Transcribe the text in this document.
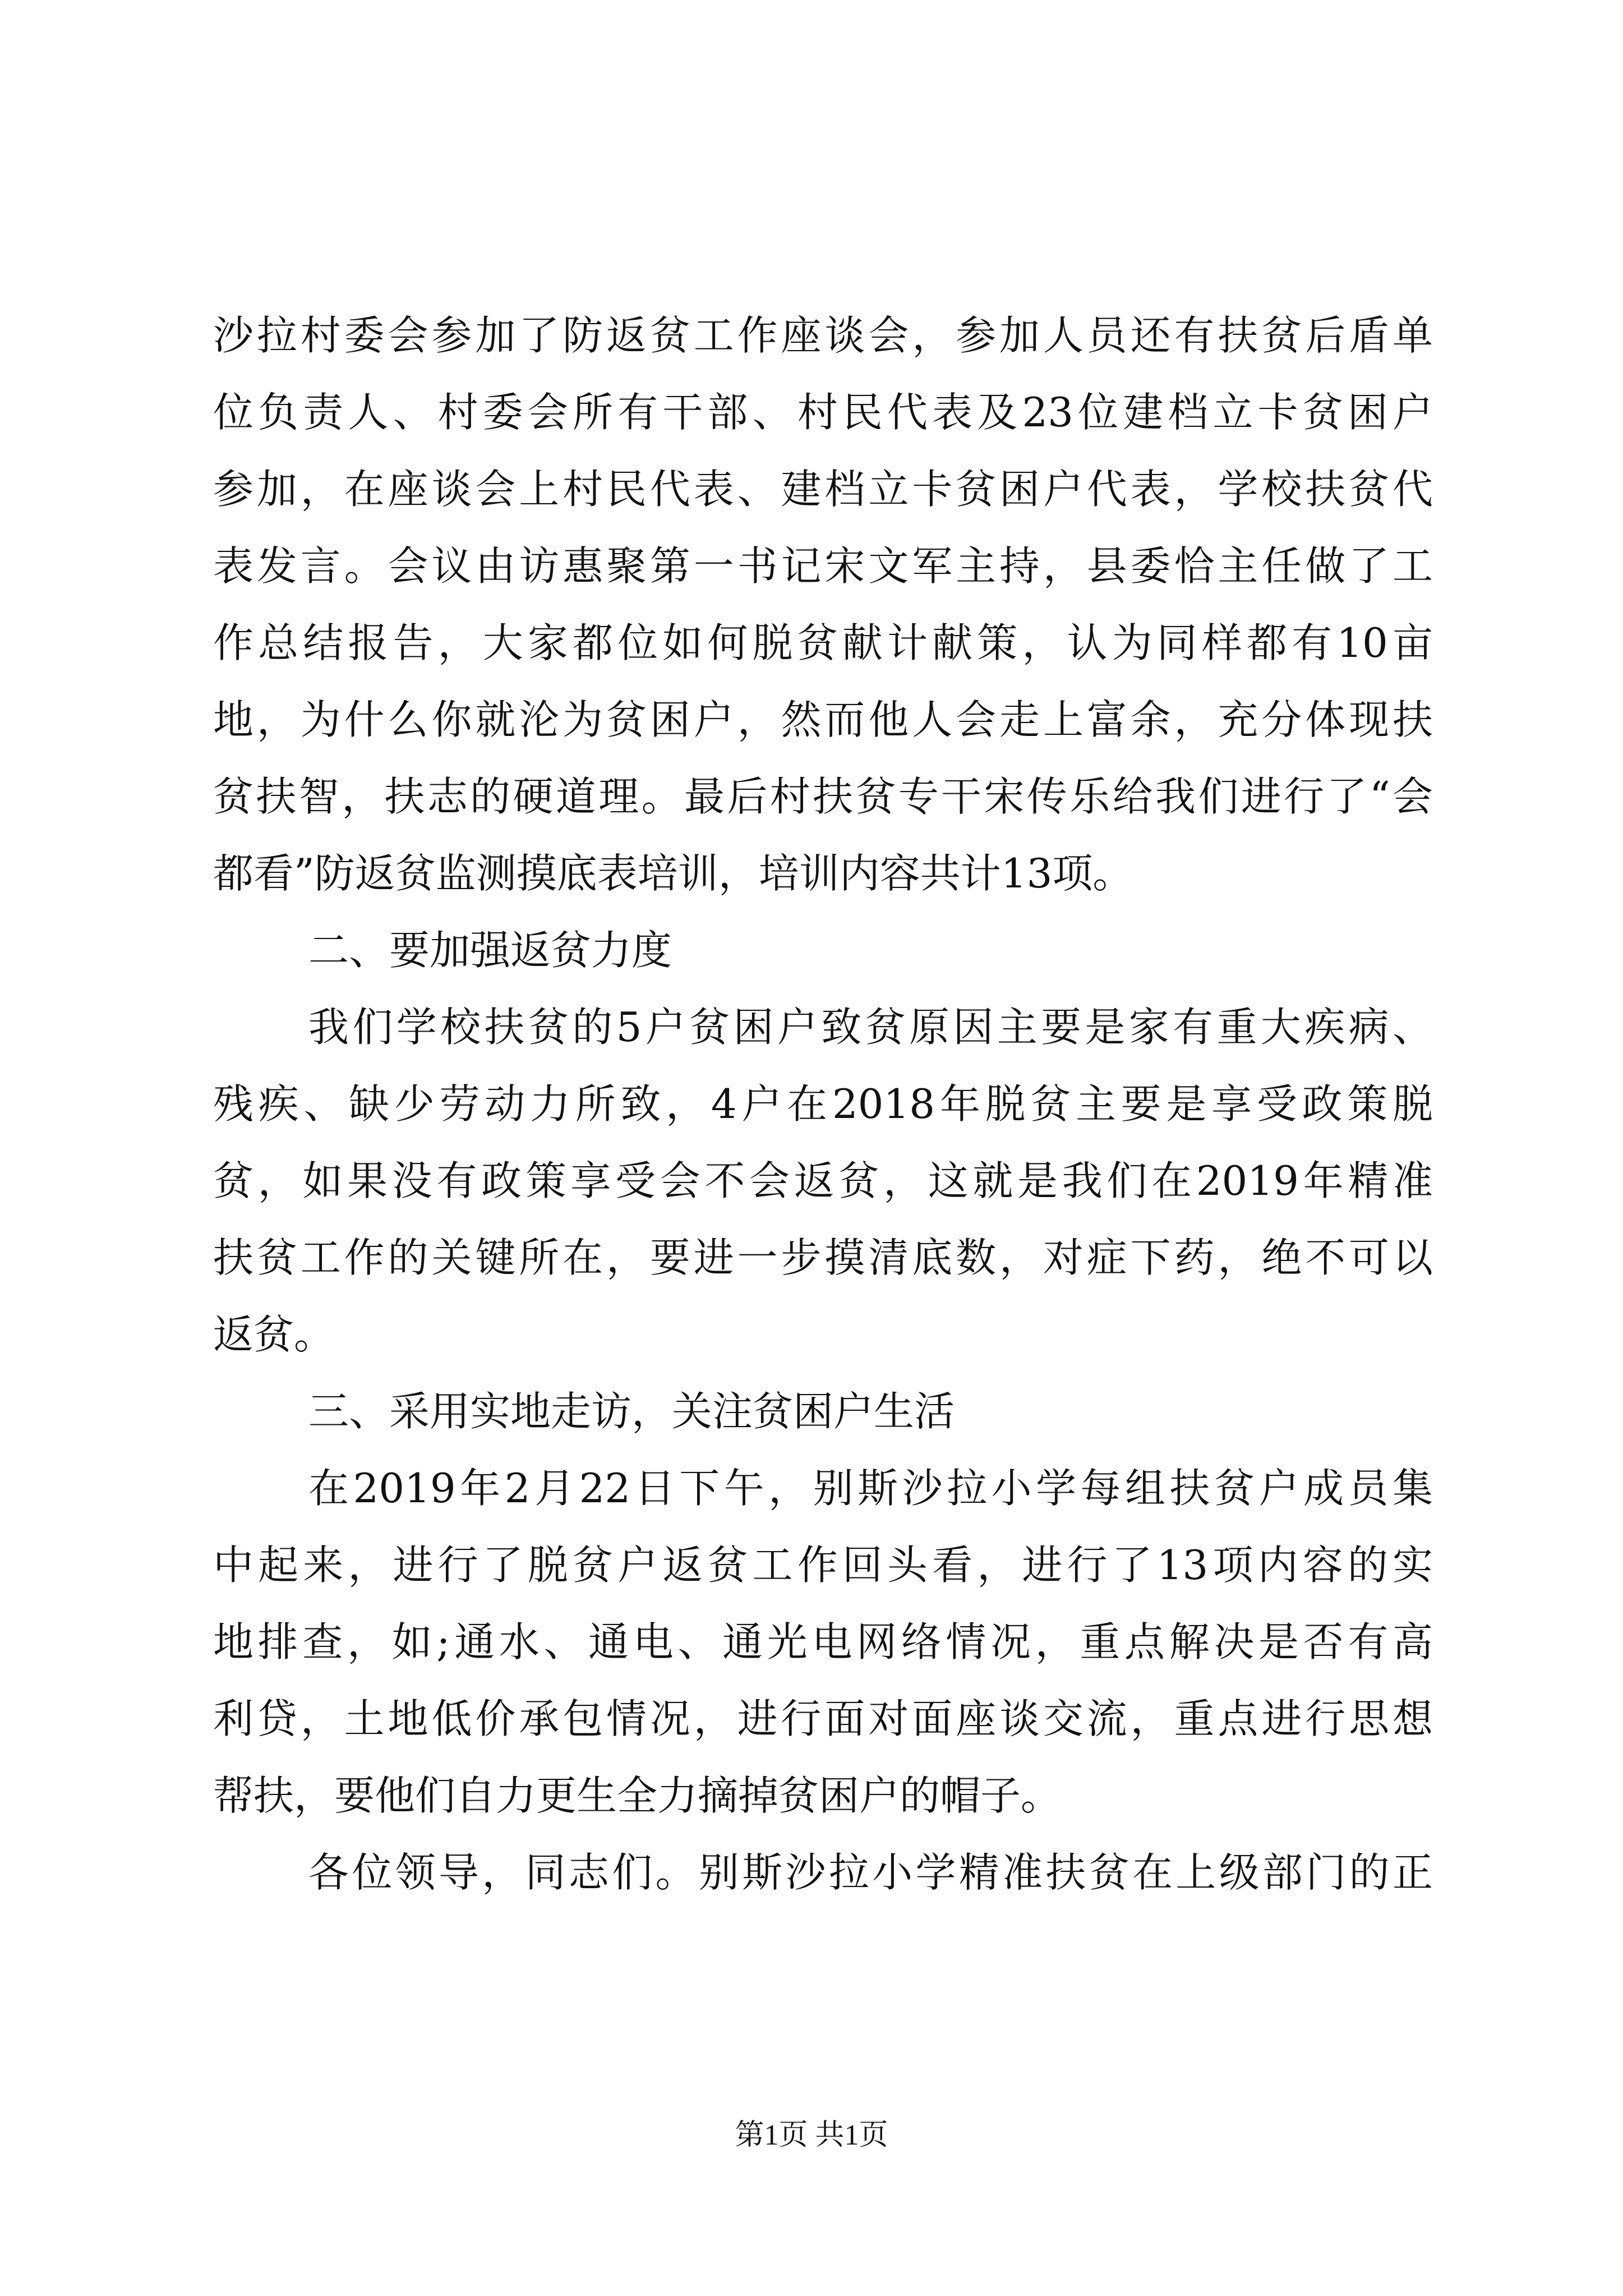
沙拉村委会参加了防返贫工作座谈会，参加人员还有扶贫后盾单
位负责人、村委会所有干部、村民代表及23位建档立卡贫困户
参加，在座谈会上村民代表、建档立卡贫困户代表，学校扶贫代
表发言。会议由访惠聚第一书记宋文军主持，县委恰主任做了工
作总结报告，大家都位如何脱贫献计献策，认为同样都有10亩
地，为什么你就沦为贫困户，然而他人会走上富余，充分体现扶
贫扶智，扶志的硬道理。最后村扶贫专干宋传乐给我们进行了“会
都看”防返贫监测摸底表培训，培训内容共计13项。
二、要加强返贫力度
我们学校扶贫的5户贫困户致贫原因主要是家有重大疾病、
残疾、缺少劳动力所致，4户在2018年脱贫主要是享受政策脱
贫，如果没有政策享受会不会返贫，这就是我们在2019年精准
扶贫工作的关键所在，要进一步摸清底数，对症下药，绝不可以
返贫。
三、采用实地走访，关注贫困户生活
在2019年2月22日下午，别斯沙拉小学每组扶贫户成员集
中起来，进行了脱贫户返贫工作回头看，进行了13项内容的实
地排查，如;通水、通电、通光电网络情况，重点解决是否有高
利贷，土地低价承包情况，进行面对面座谈交流，重点进行思想
帮扶，要他们自力更生全力摘掉贫困户的帽子。
各位领导，同志们。别斯沙拉小学精准扶贫在上级部门的正
第1页 共1页
